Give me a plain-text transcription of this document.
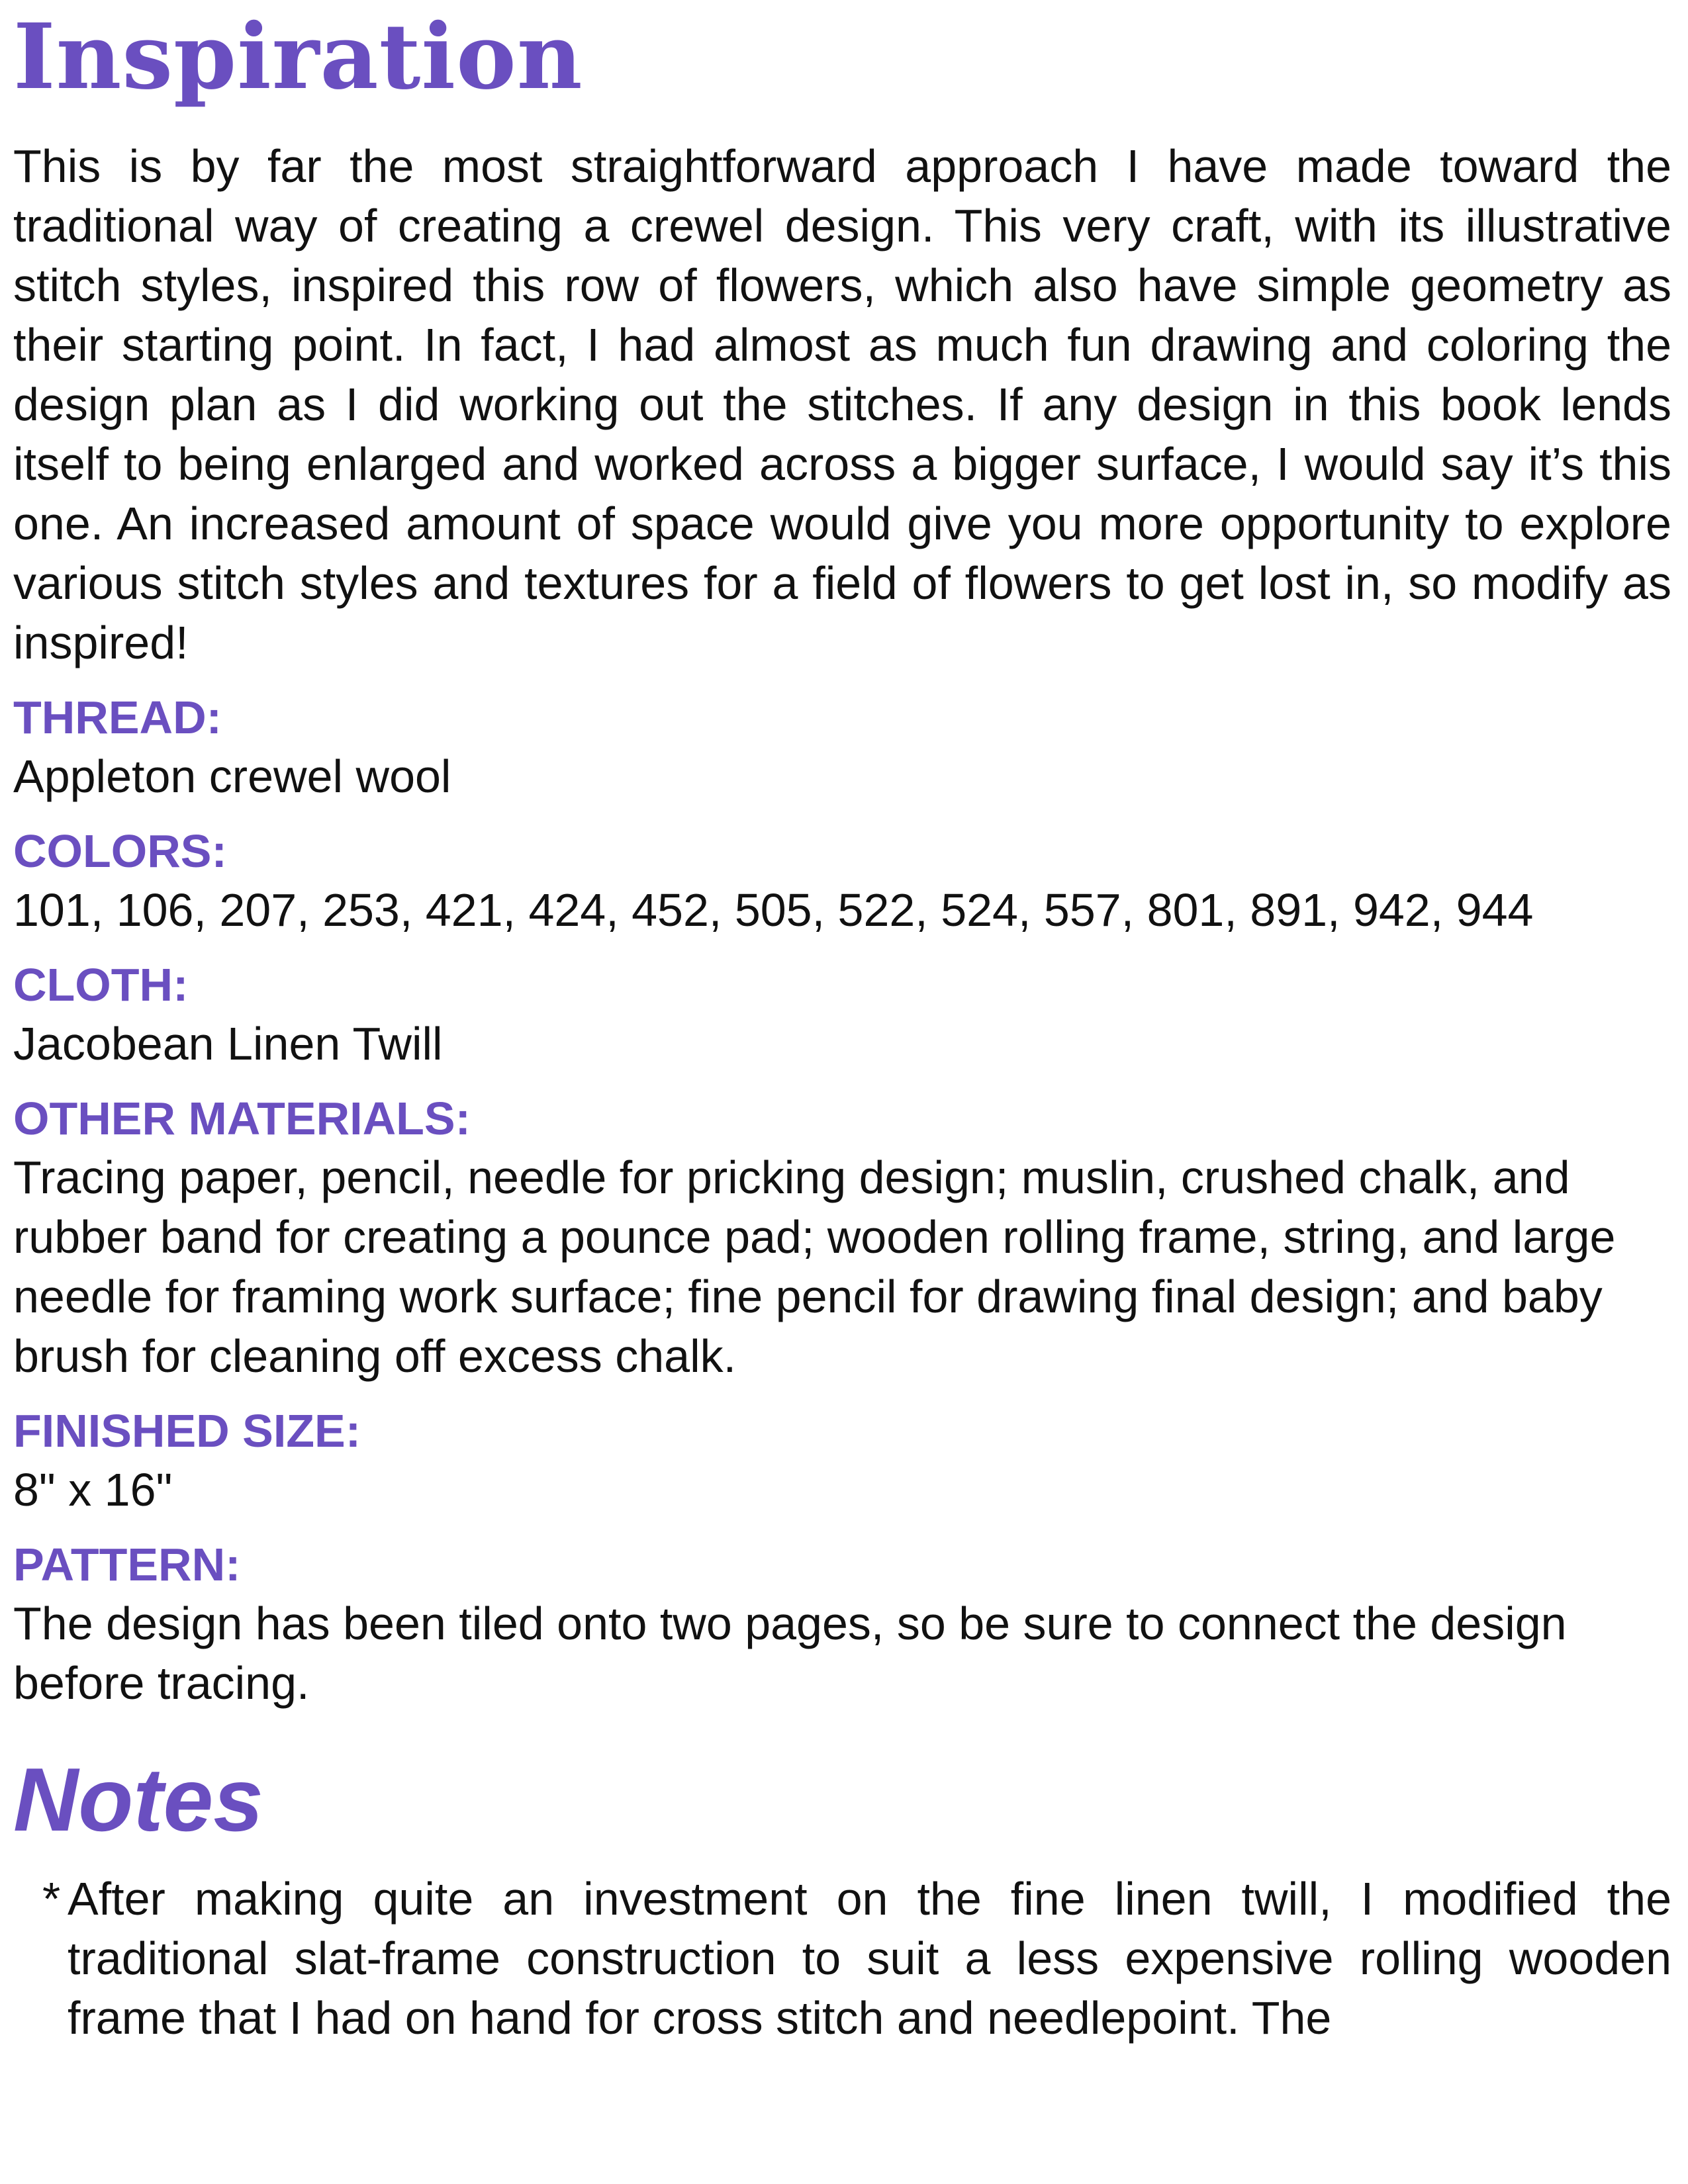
Inspiration

This is by far the most straightforward approach I have made toward the traditional way of creating a crewel design. This very craft, with its illustrative stitch styles, inspired this row of flowers, which also have simple geometry as their starting point. In fact, I had almost as much fun drawing and coloring the design plan as I did working out the stitches. If any design in this book lends itself to being enlarged and worked across a bigger surface, I would say it’s this one. An increased amount of space would give you more opportunity to explore various stitch styles and textures for a field of flowers to get lost in, so modify as inspired!

THREAD:
Appleton crewel wool
COLORS:
101, 106, 207, 253, 421, 424, 452, 505, 522, 524, 557, 801, 891, 942, 944
CLOTH:
Jacobean Linen Twill
OTHER MATERIALS:
Tracing paper, pencil, needle for pricking design; muslin, crushed chalk, and rubber band for creating a pounce pad; wooden rolling frame, string, and large needle for framing work surface; fine pencil for drawing final design; and baby brush for cleaning off excess chalk.
FINISHED SIZE:
8" x 16"
PATTERN:
The design has been tiled onto two pages, so be sure to connect the design before tracing.
Notes

* After making quite an investment on the fine linen twill, I modified the traditional slat-frame construction to suit a less expensive rolling wooden frame that I had on hand for cross stitch and needlepoint. The
